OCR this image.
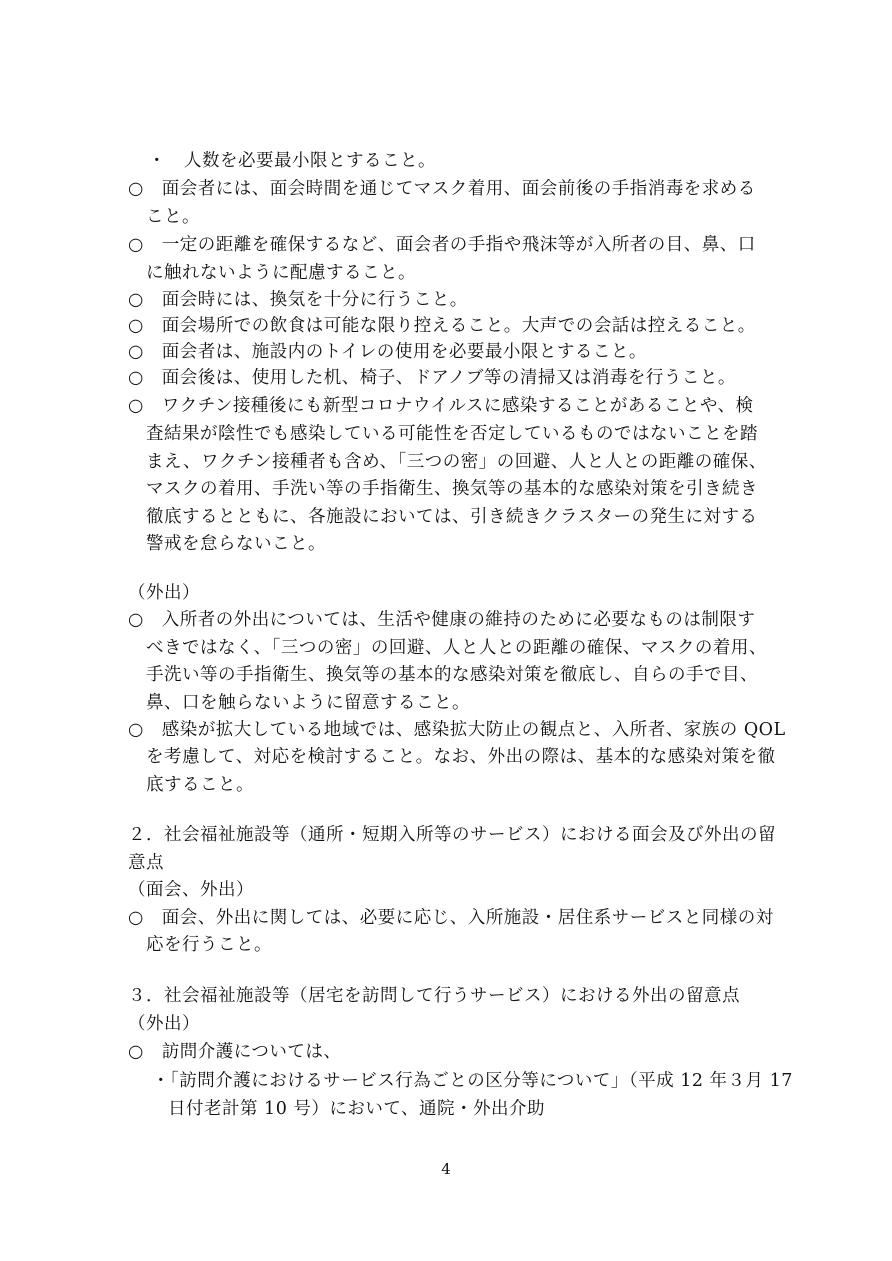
・　人数を必要最小限とすること。
○　面会者には、面会時間を通じてマスク着用、面会前後の手指消毒を求める
こと。
○　一定の距離を確保するなど、面会者の手指や飛沫等が入所者の目、鼻、口
に触れないように配慮すること。
○　面会時には、換気を十分に行うこと。
○　面会場所での飲食は可能な限り控えること。大声での会話は控えること。
○　面会者は、施設内のトイレの使用を必要最小限とすること。
○　面会後は、使用した机、椅子、ドアノブ等の清掃又は消毒を行うこと。
○　ワクチン接種後にも新型コロナウイルスに感染することがあることや、検
査結果が陰性でも感染している可能性を否定しているものではないことを踏
まえ、ワクチン接種者も含め、「三つの密」の回避、人と人との距離の確保、
マスクの着用、手洗い等の手指衛生、換気等の基本的な感染対策を引き続き
徹底するとともに、各施設においては、引き続きクラスターの発生に対する
警戒を怠らないこと。
（外出）
○　入所者の外出については、生活や健康の維持のために必要なものは制限す
べきではなく、「三つの密」の回避、人と人との距離の確保、マスクの着用、
手洗い等の手指衛生、換気等の基本的な感染対策を徹底し、自らの手で目、
鼻、口を触らないように留意すること。
○　感染が拡大している地域では、感染拡大防止の観点と、入所者、家族の QOL
を考慮して、対応を検討すること。なお、外出の際は、基本的な感染対策を徹
底すること。
２．社会福祉施設等（通所・短期入所等のサービス）における面会及び外出の留
意点
（面会、外出）
○　面会、外出に関しては、必要に応じ、入所施設・居住系サービスと同様の対
応を行うこと。
３．社会福祉施設等（居宅を訪問して行うサービス）における外出の留意点
（外出）
○　訪問介護については、
・「訪問介護におけるサービス行為ごとの区分等について」（平成 12 年３月 17
日付老計第 10 号）において、通院・外出介助
4
